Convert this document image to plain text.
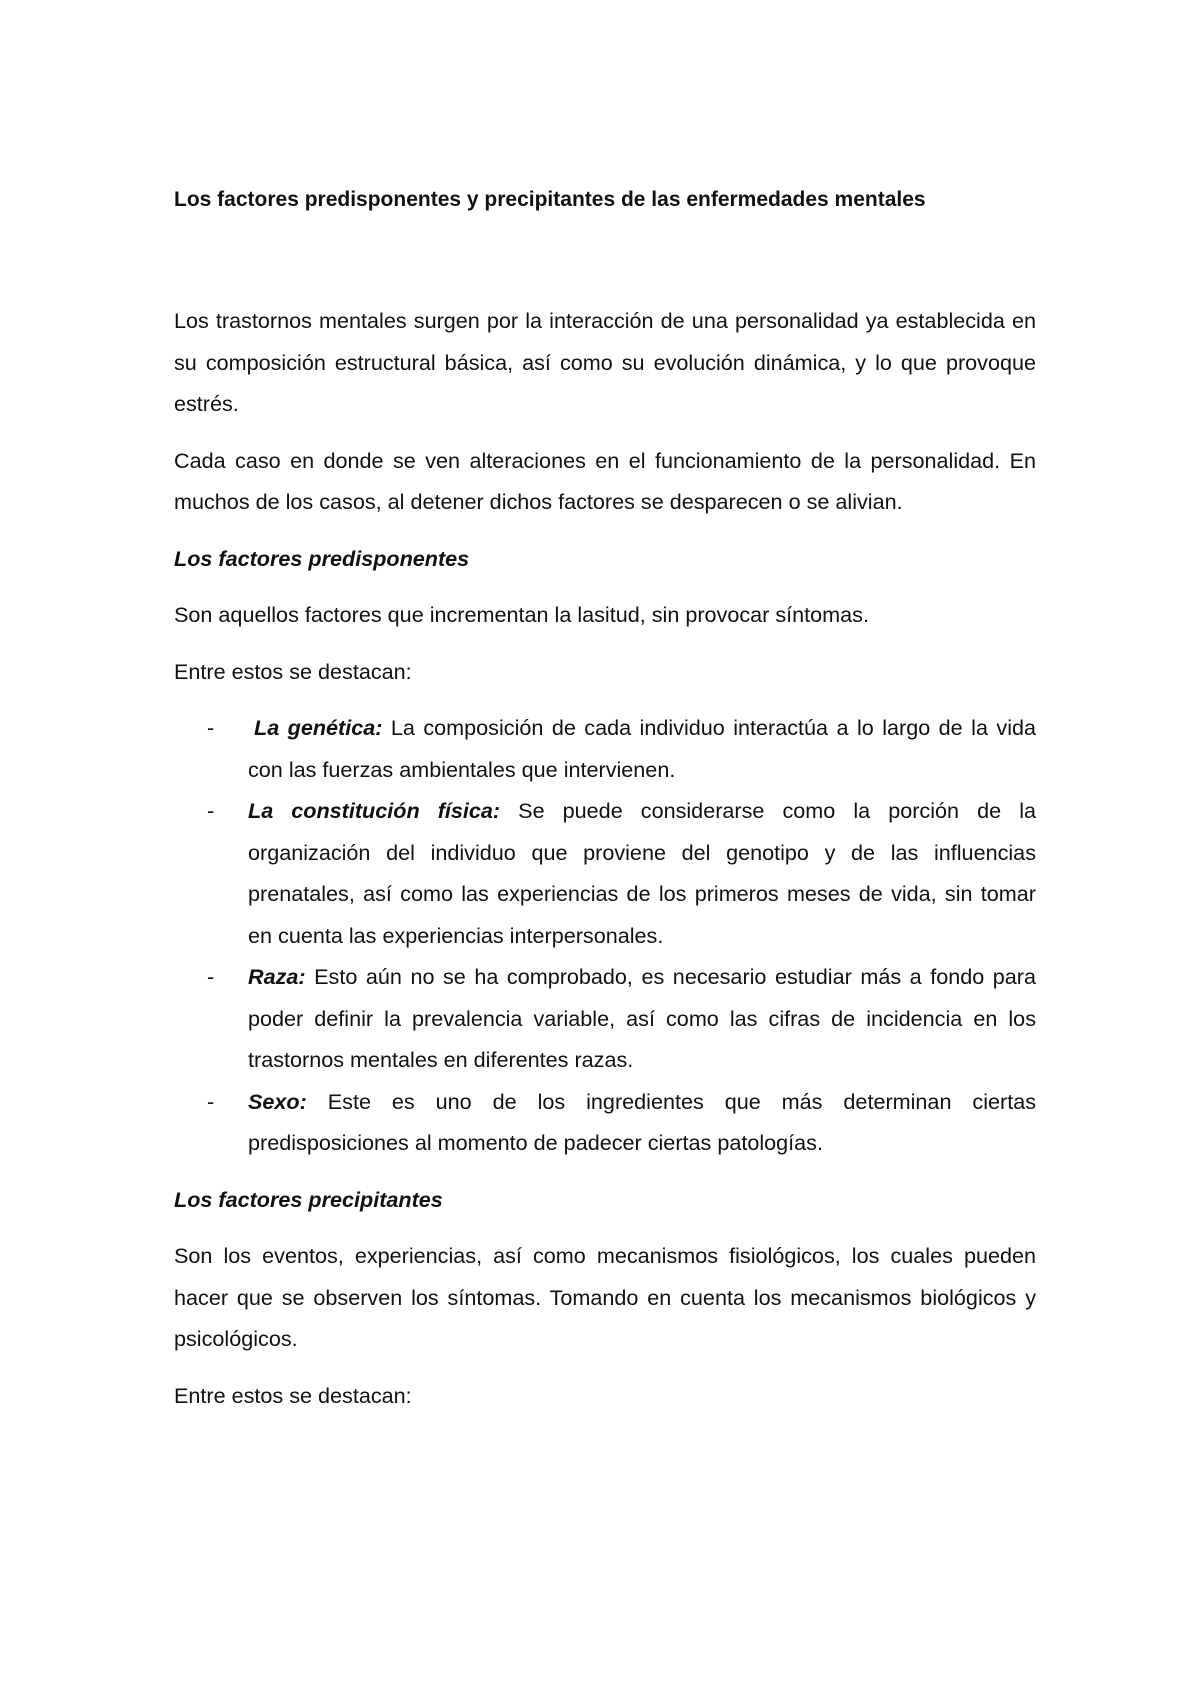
Los factores predisponentes y precipitantes de las enfermedades mentales

Los trastornos mentales surgen por la interacción de una personalidad ya establecida en su composición estructural básica, así como su evolución dinámica, y lo que provoque estrés.

Cada caso en donde se ven alteraciones en el funcionamiento de la personalidad. En muchos de los casos, al detener dichos factores se desparecen o se alivian.

Los factores predisponentes

Son aquellos factores que incrementan la lasitud, sin provocar síntomas.

Entre estos se destacan:

- La genética: La composición de cada individuo interactúa a lo largo de la vida con las fuerzas ambientales que intervienen.
- La constitución física: Se puede considerarse como la porción de la organización del individuo que proviene del genotipo y de las influencias prenatales, así como las experiencias de los primeros meses de vida, sin tomar en cuenta las experiencias interpersonales.
- Raza: Esto aún no se ha comprobado, es necesario estudiar más a fondo para poder definir la prevalencia variable, así como las cifras de incidencia en los trastornos mentales en diferentes razas.
- Sexo: Este es uno de los ingredientes que más determinan ciertas predisposiciones al momento de padecer ciertas patologías.

Los factores precipitantes

Son los eventos, experiencias, así como mecanismos fisiológicos, los cuales pueden hacer que se observen los síntomas. Tomando en cuenta los mecanismos biológicos y psicológicos.

Entre estos se destacan:
